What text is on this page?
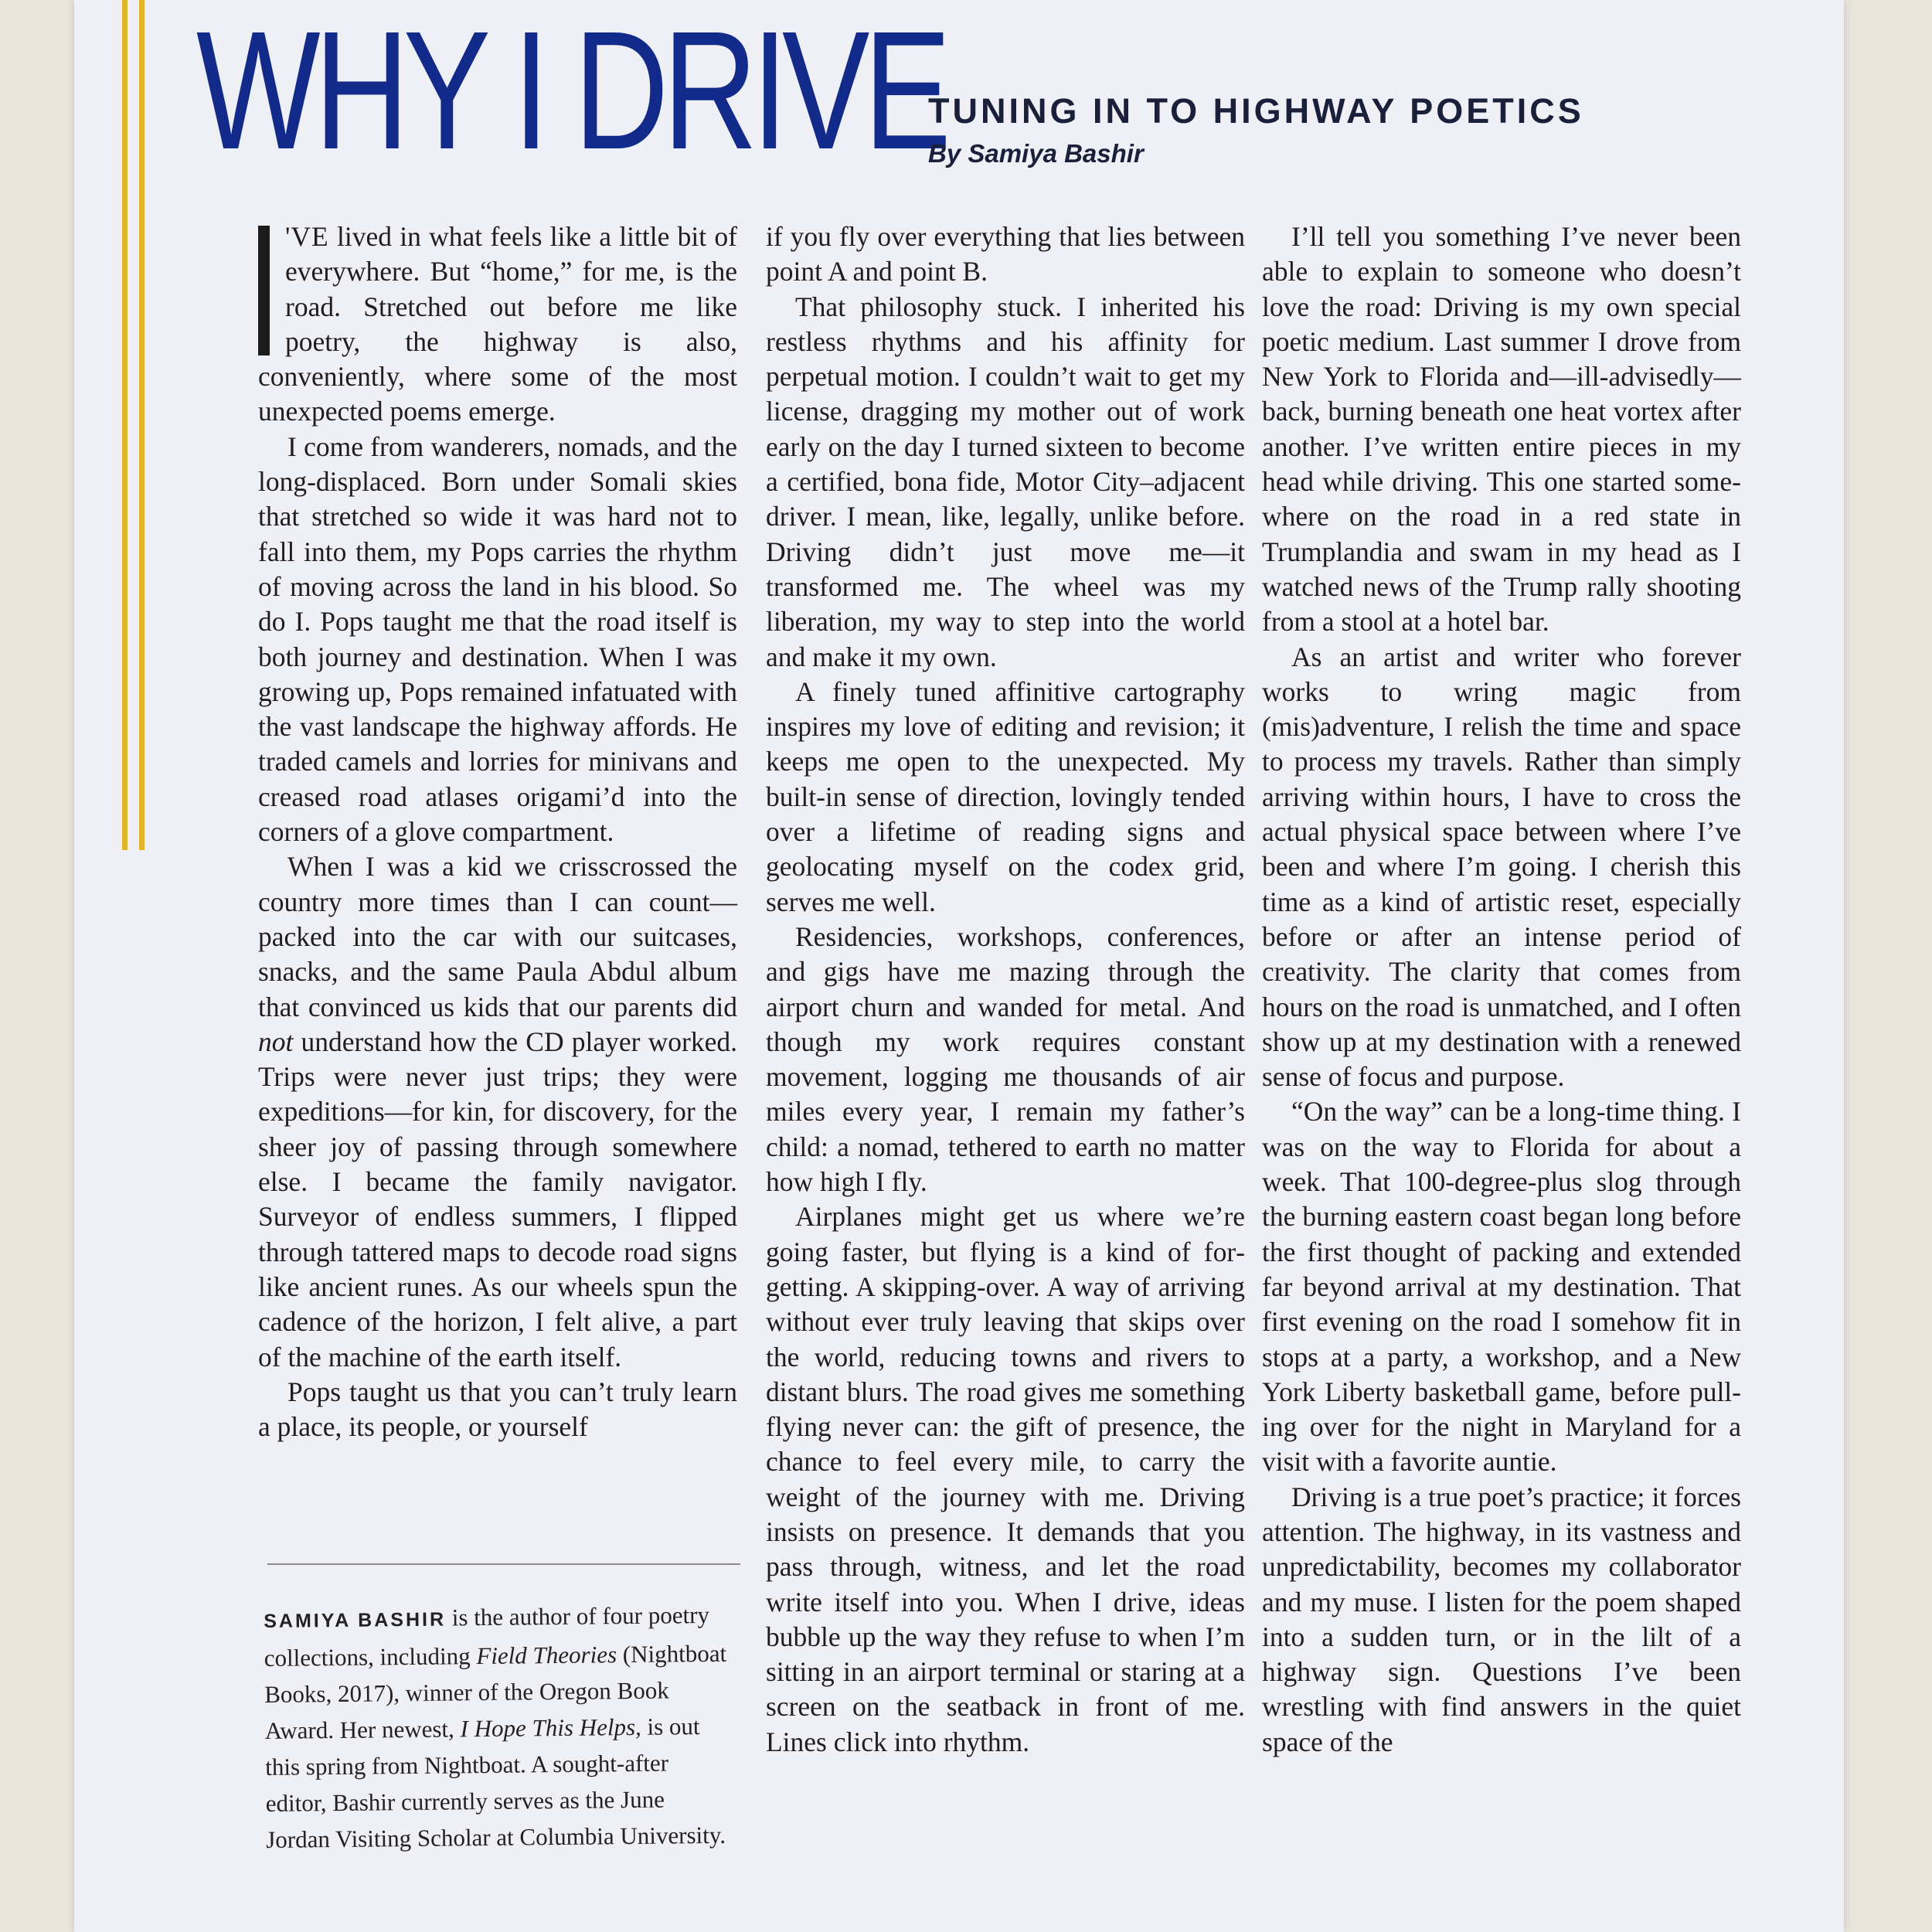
WHY I DRIVE
TUNING IN TO HIGHWAY POETICS
By Samiya Bashir

'VE lived in what feels like a little bit of everywhere. But “home,” for me, is the road. Stretched out before me like poetry, the highway is also, conveniently, where some of the most unexpected poems emerge.

I come from wanderers, nomads, and the long-displaced. Born under Somali skies that stretched so wide it was hard not to fall into them, my Pops carries the rhythm of moving across the land in his blood. So do I. Pops taught me that the road itself is both journey and destination. When I was growing up, Pops remained infatuated with the vast landscape the highway affords. He traded camels and lorries for minivans and creased road atlases origami’d into the corners of a glove compartment.

When I was a kid we crisscrossed the country more times than I can count—packed into the car with our suitcases, snacks, and the same Paula Abdul album that convinced us kids that our parents did not understand how the CD player worked. Trips were never just trips; they were expeditions—for kin, for discovery, for the sheer joy of passing through somewhere else. I became the family navigator. Surveyor of endless summers, I flipped through tattered maps to decode road signs like ancient runes. As our wheels spun the cadence of the horizon, I felt alive, a part of the machine of the earth itself.

Pops taught us that you can’t truly learn a place, its people, or yourself

if you fly over everything that lies between point A and point B.

That philosophy stuck. I inherited his restless rhythms and his affinity for perpetual motion. I couldn’t wait to get my license, dragging my mother out of work early on the day I turned sixteen to become a certified, bona fide, Motor City–adjacent driver. I mean, like, legally, unlike before. Driving didn’t just move me—it transformed me. The wheel was my liberation, my way to step into the world and make it my own.

A finely tuned affinitive cartography inspires my love of editing and revision; it keeps me open to the unexpected. My built-in sense of direction, lovingly tended over a lifetime of reading signs and geolocating myself on the codex grid, serves me well.

Residencies, workshops, conferences, and gigs have me mazing through the airport churn and wanded for metal. And though my work requires constant movement, logging me thousands of air miles every year, I remain my father’s child: a nomad, tethered to earth no matter how high I fly.

Airplanes might get us where we’re going faster, but flying is a kind of forgetting. A skipping-over. A way of arriving without ever truly leaving that skips over the world, reducing towns and rivers to distant blurs. The road gives me something flying never can: the gift of presence, the chance to feel every mile, to carry the weight of the journey with me. Driving insists on presence. It demands that you pass through, witness, and let the road write itself into you. When I drive, ideas bubble up the way they refuse to when I’m sitting in an airport terminal or staring at a screen on the seatback in front of me. Lines click into rhythm.

I’ll tell you something I’ve never been able to explain to someone who doesn’t love the road: Driving is my own special poetic medium. Last summer I drove from New York to Florida and—ill-advisedly—back, burning beneath one heat vortex after another. I’ve written entire pieces in my head while driving. This one started somewhere on the road in a red state in Trumplandia and swam in my head as I watched news of the Trump rally shooting from a stool at a hotel bar.

As an artist and writer who forever works to wring magic from (mis)adventure, I relish the time and space to process my travels. Rather than simply arriving within hours, I have to cross the actual physical space between where I’ve been and where I’m going. I cherish this time as a kind of artistic reset, especially before or after an intense period of creativity. The clarity that comes from hours on the road is unmatched, and I often show up at my destination with a renewed sense of focus and purpose.

“On the way” can be a long-time thing. I was on the way to Florida for about a week. That 100-degree-plus slog through the burning eastern coast began long before the first thought of packing and extended far beyond arrival at my destination. That first evening on the road I somehow fit in stops at a party, a workshop, and a New York Liberty basketball game, before pulling over for the night in Maryland for a visit with a favorite auntie.

Driving is a true poet’s practice; it forces attention. The highway, in its vastness and unpredictability, becomes my collaborator and my muse. I listen for the poem shaped into a sudden turn, or in the lilt of a highway sign. Questions I’ve been wrestling with find answers in the quiet space of the

SAMIYA BASHIR is the author of four poetry collections, including Field Theories (Nightboat Books, 2017), winner of the Oregon Book Award. Her newest, I Hope This Helps, is out this spring from Nightboat. A sought-after editor, Bashir currently serves as the June Jordan Visiting Scholar at Columbia University.
